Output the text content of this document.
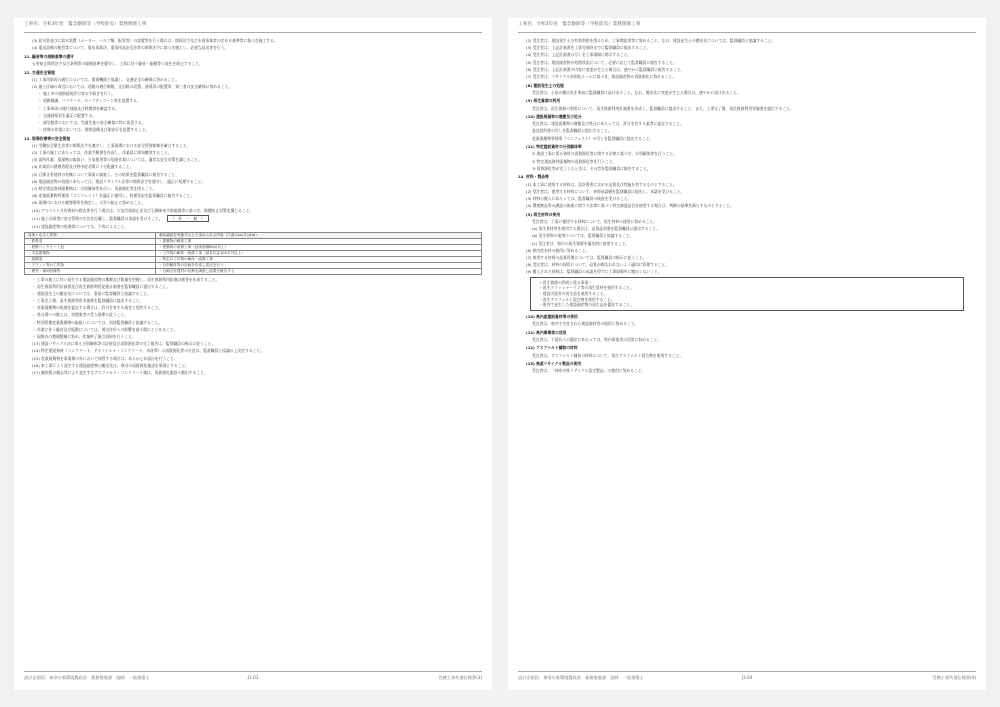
工事名：令和3年度　緊急駆除等（学校防災）業務関係工事

(3) 給水管並びに給水装置（メーター、バルブ類、配管等）の設置等を行う場合は、関係法令及び水道事業者の定める基準等に基づき施工する。

(4) 電気設備の配管等について、電気事業法、電気用品安全法等の関係法令に基づき施工し、必要な届出等を行う。

11. 騒音等の規制基準の遵守

公害防止関係法令及び条例等の規制基準を遵守し、工事に伴う騒音・振動等の発生を防止すること。

12. 交通安全管理

(1) 工事用車両の通行については、関係機関と協議し、交通安全の確保に努めること。

(2) 施工区域の周辺においては、道路の通行制限、迂回路の設置、誘導員の配置等、第三者の安全確保に努めること。

・ 施工中の道路使用許可等の手続きを行う。

・ 道路標識、バリケード、セーフティコーン等を設置する。

・ 工事車両の運行経路及び時間帯を確認する。

・ 交通誘導員を適正に配置する。

・ 通学路等においては、児童生徒の安全確保に特に留意する。

・ 夜間の作業においては、照明設備及び保安灯を設置すること。

13. 現場作業等の安全管理

(1) 労働安全衛生法等の関係法令を遵守し、工事現場における安全管理体制を確立すること。

(2) 工事の施工にあたっては、作業手順書を作成し、作業員に周知徹底すること。

(3) 高所作業、重量物の取扱い、火気使用等の危険作業については、適切な安全対策を講じること。

(4) 作業員の健康管理及び熱中症対策に十分配慮すること。

(5) 石綿含有建材の有無について事前に調査し、その結果を監督職員に報告すること。

(6) 建設副産物の処理にあたっては、建設リサイクル法等の関係法令を遵守し、適正に処理すること。

(7) 特定建設資材廃棄物は、分別解体等を行い、再資源化等を図ること。

(8) 産業廃棄物管理票（マニフェスト）を適正に運用し、処理状況を監督職員に報告すること。

(9) 現場内における喫煙場所を指定し、火災の防止に努めること。

(10) アスベスト含有建材の除去等を行う場合は、大気汚染防止法及び石綿障害予防規則等に基づき、飛散防止対策を講じること。

(11) 施工計画書に安全管理の方法を記載し、監督職員の承諾を受けること。 （　有　・　無　）

(12) 建設副産物の処理等については、下表によること。

対象となる工作物	事前調査を実施する上で求められる内容（下表の(a)又は(b)）
・鉄骨造	・建築物の解体工事
・鉄筋コンクリート造	・建築物の改修工事（延床面積80㎡以上）
・木造建築物	・工作物の解体・改修工事（請負代金100万円以上）
・組積造	・特定の工作物の解体・改修工事
・プラント等の工作物	・分別解体等の計画を作成し届出を行う
・煙突・焼却設備等	・石綿含有建材の有無を調査し結果を報告する

・ 工事の施工に伴い発生する建設副産物の種類及び数量を把握し、再生資源利用促進計画書を作成すること。

・ 再生資源利用計画書及び再生資源利用促進計画書を監督職員に提出すること。

・ 建設発生土の搬出先については、事前に監督職員と協議すること。

・ 工事完了後、再生資源利用実施書を監督職員に提出すること。

・ 産業廃棄物の処理を委託する場合は、許可を有する業者と契約すること。

・ 処分場への搬入は、処理業者の受入基準に従うこと。

・ 特別管理産業廃棄物の取扱いについては、別途監督職員と協議すること。

・ 作業に伴う騒音及び振動については、周辺住民への影響を最小限にとどめること。

・ 現場内の整理整頓に努め、作業終了後は清掃を行うこと。

(13) 建設リサイクル法に係る分別解体等の計画及び再資源化等の完了報告は、監督職員の指示に従うこと。

(14) 特定建設資材（コンクリート、アスファルト・コンクリート、木材等）の再資源化等の方法は、監督職員と協議の上決定すること。

(15) 産業廃棄物を事業場の外において保管する場合は、あらかじめ届出を行うこと。

(16) 本工事により発生する建設副産物の搬出先は、県内の再資源化施設を原則とすること。

(17) 舗装版の撤去等により発生するアスファルト・コンクリート塊は、再資源化施設へ搬出すること。

設計企画員：神奈川県環境農政局　業務推進課　技師　一級建築士	J1-03	営繕工事共通仕様書(3)
工事名：令和3年度　緊急駆除等（学校防災）業務関係工事

(2) 受注者は、建設発生土の有効利用を図るため、工事間流用等に努めること。なお、建設発生土の搬出先については、監督職員と協議すること。

(3) 受注者は、上記計画書を工事完成時までに監督職員に提出すること。

(4) 受注者は、上記計画書の写しを工事現場に掲示すること。

(5) 受注者は、建設副産物の処理状況について、必要に応じて監督職員に報告すること。

(6) 受注者は、上記計画書の内容に変更が生じた場合は、速やかに監督職員に報告すること。

(7) 受注者は、リサイクル原則化ルールに基づき、建設副産物の再資源化に努めること。

(8) 建設発生土の処理

受注者は、土砂の搬出先を事前に監督職員に届け出ること。なお、搬出先に変更が生じた場合は、速やかに届け出ること。

(9) 再生資源の利用

受注者は、再生資源の利用について、再生資源利用計画書を作成し、監督職員に提出すること。また、工事完了後、再生資源利用実施書を提出すること。

(10) 建設廃棄物の運搬及び処分

受注者は、建設廃棄物の運搬及び処分にあたっては、許可を有する業者に委託すること。

委託契約書の写しを監督職員に提出すること。

産業廃棄物管理票（マニフェスト）の写しを監督職員に提出すること。

(11) 特定建設資材の分別解体等

① 建設工事に係る資材の再資源化等に関する法律に基づき、分別解体等を行うこと。

② 特定建設資材廃棄物の再資源化等を行うこと。

③ 再資源化等が完了したときは、その旨を監督職員に報告すること。

14. 材料・製品等

(1) 本工事に使用する材料は、設計図書に定める品質及び性能を有するものとすること。

(2) 受注者は、使用する材料について、材料承諾願を監督職員に提出し、承諾を受けること。

(3) 材料の搬入にあたっては、監督職員の検査を受けること。

(4) 環境物品等の調達の推進に関する法律に基づく特定調達品目を使用する場合は、判断の基準を満たすものとすること。

(5) 再生材料の使用

受注者は、工事に使用する材料について、再生材料の使用に努めること。

(a) 再生骨材等を使用する場合は、品質証明書を監督職員に提出すること。

(b) 再生材料の使用については、監督職員と協議すること。

(c) 受注者は、県内の再生資源を優先的に使用すること。

(6) 県内産木材の使用に努めること。

(7) 使用する材料の品質管理については、監督職員の指示に従うこと。

(8) 受注者は、材料の保管について、品質が損なわれないよう適切に管理すること。

(9) 搬入された材料は、監督職員の承諾を得ずに工事現場外に搬出しないこと。

＜再生資源の利用に係る事項＞
・再生クラッシャーラン等の再生骨材を使用すること。
・建設汚泥等の再生品を使用すること。
・再生アスファルト混合物を使用すること。
・県内で発生した建設副産物の再生品を優先すること。

(10) 県内産建設資材等の使用

受注者は、県内で生産された建設資材等の使用に努めること。

(11) 県内事業者の活用

受注者は、下請負人の選定にあたっては、県内事業者の活用に努めること。

(12) アスファルト舗装の材料

受注者は、アスファルト舗装の材料について、再生アスファルト混合物を使用すること。

(13) 県産リサイクル製品の使用

受注者は、「神奈川県リサイクル認定製品」の使用に努めること。

設計企画員：神奈川県環境農政局　業務推進課　技師　一級建築士	J1-04	営繕工事共通仕様書(4)
